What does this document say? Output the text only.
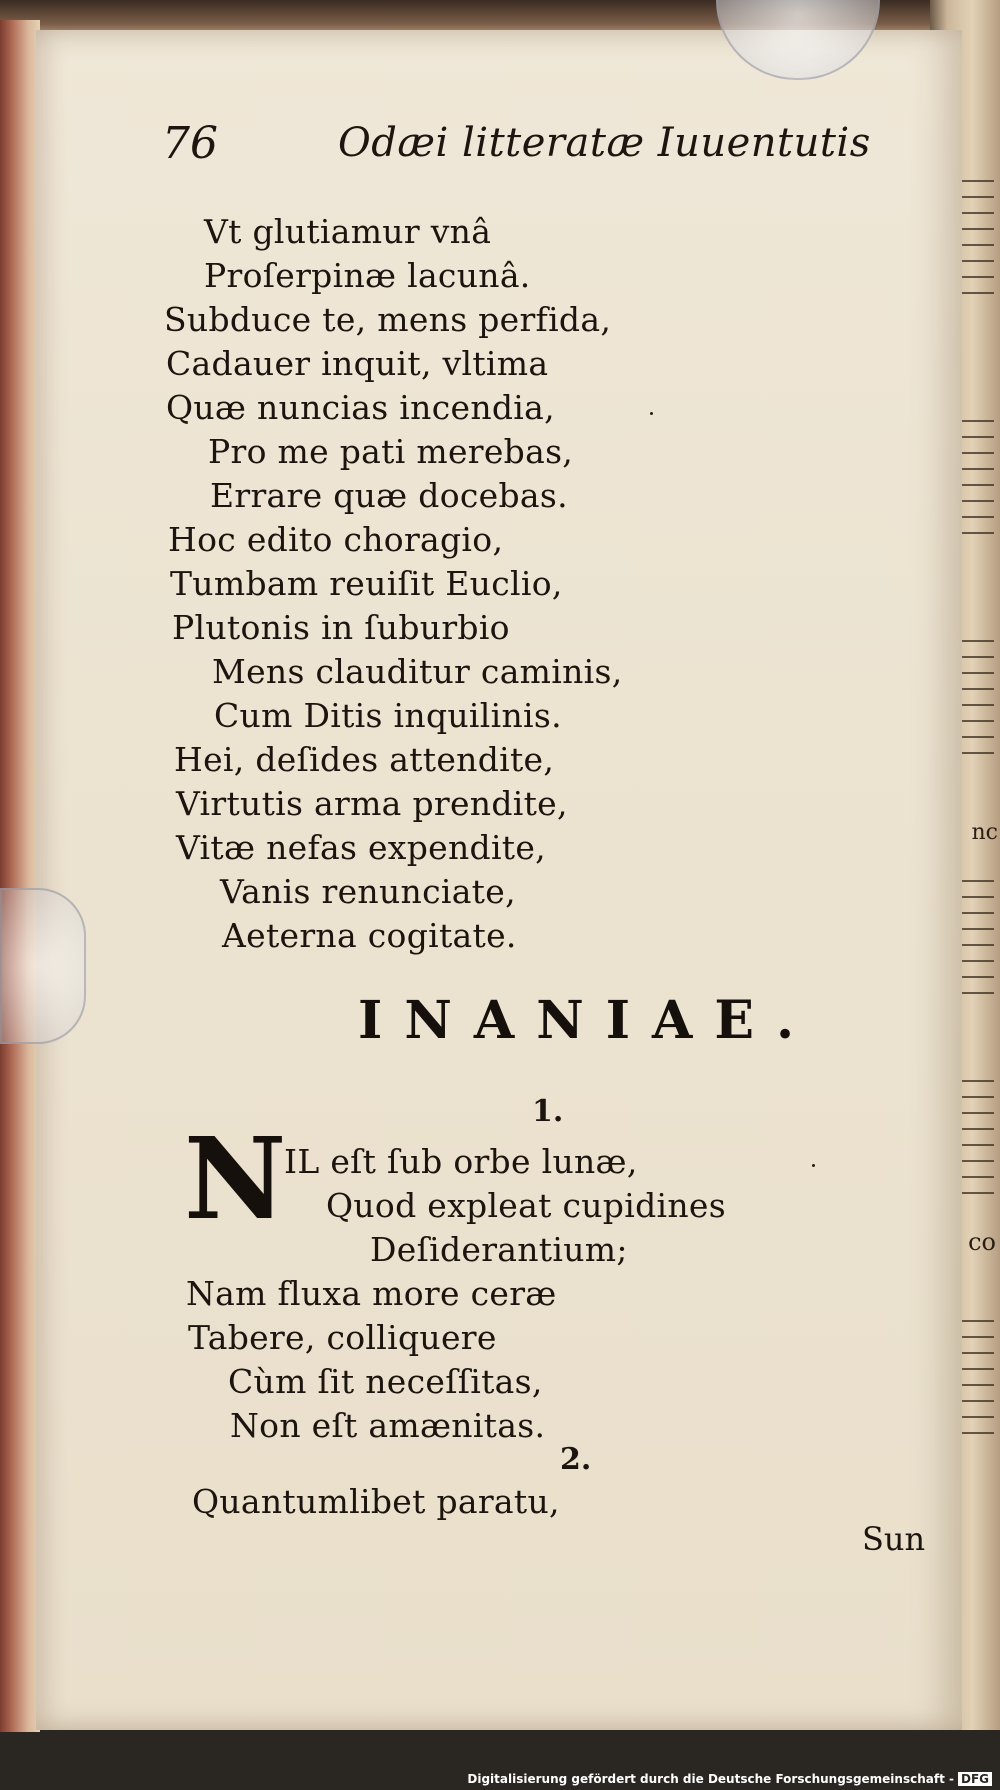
nc
co
76	Odæi litteratæ Iuuentutis
Vt glutiamur vnâ
Proſerpinæ lacunâ.
Subduce te, mens perfida,
Cadauer inquit, vltima
Quæ nuncias incendia,
Pro me pati merebas,
Errare quæ docebas.
Hoc edito choragio,
Tumbam reuiſit Euclio,
Plutonis in ſuburbio
Mens clauditur caminis,
Cum Ditis inquilinis.
Hei, deſides attendite,
Virtutis arma prendite,
Vitæ nefas expendite,
Vanis renunciate,
Aeterna cogitate.
INANIAE.
1.
N
IL eſt ſub orbe lunæ,
Quod expleat cupidines
Deſiderantium;
Nam fluxa more ceræ
Tabere, colliquere
Cùm ſit neceſſitas,
Non eſt amænitas.
2.
Quantumlibet paratu,
Sun
Digitalisierung gefördert durch die Deutsche Forschungsgemeinschaft - DFG
